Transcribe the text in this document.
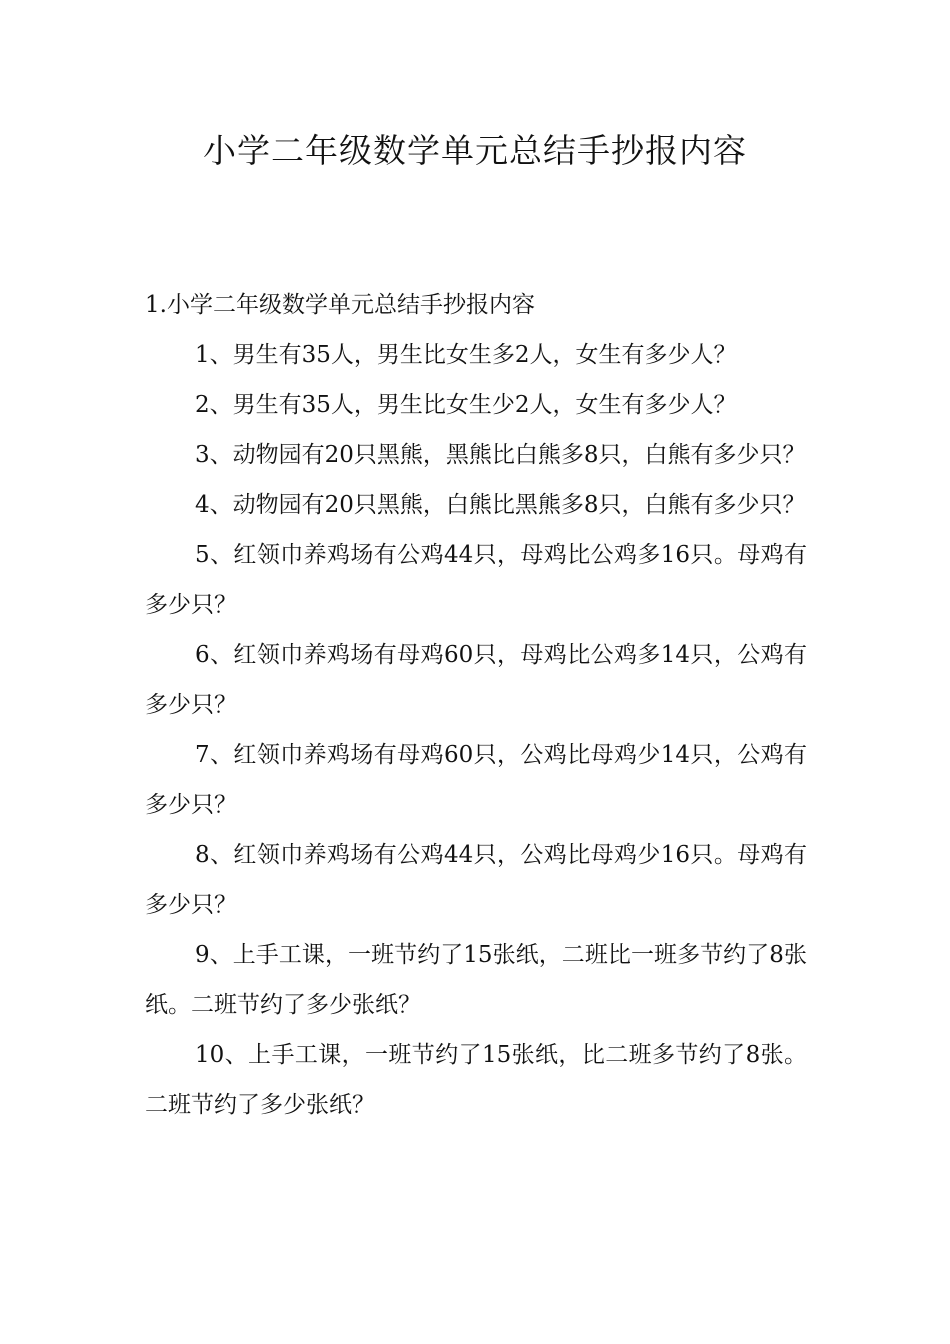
小学二年级数学单元总结手抄报内容
1.小学二年级数学单元总结手抄报内容

1、男生有35人，男生比女生多2人，女生有多少人？

2、男生有35人，男生比女生少2人，女生有多少人？

3、动物园有20只黑熊，黑熊比白熊多8只，白熊有多少只？

4、动物园有20只黑熊，白熊比黑熊多8只，白熊有多少只？

5、红领巾养鸡场有公鸡44只，母鸡比公鸡多16只。母鸡有多少只？

6、红领巾养鸡场有母鸡60只，母鸡比公鸡多14只，公鸡有多少只？

7、红领巾养鸡场有母鸡60只，公鸡比母鸡少14只，公鸡有多少只？

8、红领巾养鸡场有公鸡44只，公鸡比母鸡少16只。母鸡有多少只？

9、上手工课，一班节约了15张纸，二班比一班多节约了8张纸。二班节约了多少张纸？

10、上手工课，一班节约了15张纸，比二班多节约了8张。二班节约了多少张纸？
